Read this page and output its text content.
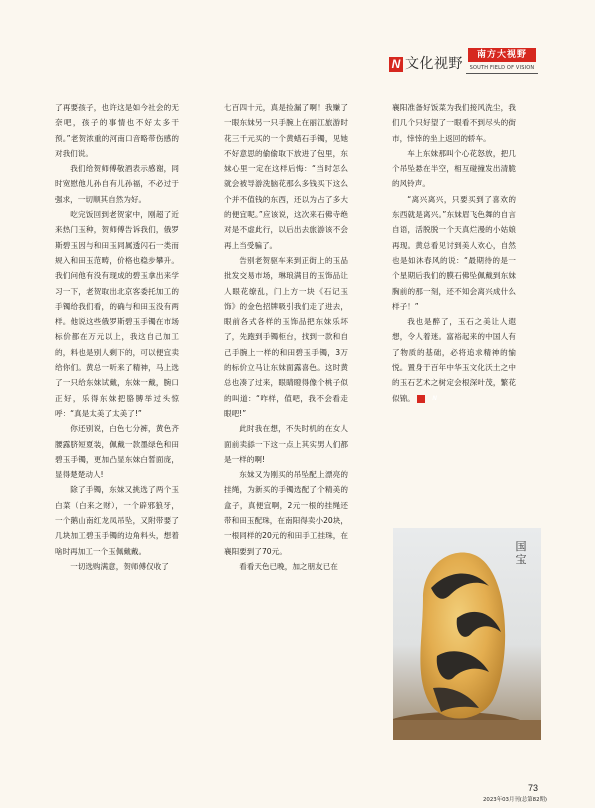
N 文化视野
南方大视野
SOUTH FIELD OF VISION

了再要孩子，也许这是如今社会的无奈吧，孩子的事情也不好太多干预。”老贺浓重的河南口音略带伤感的对我们说。

我们给贺师傅敬酒表示感谢，同时宽慰他儿孙自有儿孙福，不必过于强求，一切顺其自然为好。

吃完饭回到老贺家中，刚超了近来热门玉种，贺师傅告诉我们，俄罗斯碧玉因与和田玉同属透闪石一类而规入和田玉范畴，价格也稳步攀升。我们问他有没有现成的碧玉拿出来学习一下，老贺取出北京客委托加工的手镯给我们看，的确与和田玉没有两样。他说这些俄罗斯碧玉手镯在市场标价都在万元以上，我这自己加工的，料也是别人剩下的，可以便宜卖给你们。黄总一听来了精神，马上选了一只给东妹试戴，东妹一戴，腕口正好，乐得东妹把胳膊举过头惊呼：“真是太美了太美了!”

你还别说，白色七分裤，黄色齐腰露脐短夏装，佩戴一款墨绿色和田碧玉手镯，更加凸显东妹白皙面庞，显得楚楚动人!

除了手镯，东妹又挑选了两个玉白菜（白来之财），一个辟邪狼牙，一个鹅山南红龙凤吊坠，又附带要了几块加工碧玉手镯的边角料头，想着啥时再加工一个玉佩戴戴。

一切选购满意，贺师傅仅收了

七百四十元，真是捡漏了啊！我赚了一眼东妹另一只手腕上在丽江旅游时花三千元买的一个黄蜡石手镯，见她不好意思的偷偷取下放进了包里，东妹心里一定在这样后悔：“当时怎么就会被导游洗脑花那么多钱买下这么个并不值钱的东西，还以为占了多大的便宜呢。”应该说，这次来石佛寺绝对是不虚此行，以后出去旅游该不会再上当受骗了。

告别老贺驱车来到正街上的玉品批发交易市场，琳琅满目的玉饰品让人眼花缭乱，门上方一块《石记玉饰》的金色招牌吸引我们走了进去，眼前各式各样的玉饰品把东妹乐坏了，先跑到手镯柜台，找到一款和自己手腕上一样的和田碧玉手镯，3万的标价立马让东妹面露喜色。这时黄总也凑了过来，眼睛瞪得像个桃子似的叫道：“咋样，值吧，我不会看走眼吧!”

此时我在想，不失时机的在女人面前卖舔一下这一点上其实男人们都是一样的啊!

东妹又为刚买的吊坠配上漂亮的挂绳，为新买的手镯选配了个精美的盒子，真便宜啊，2元一根的挂绳还带和田玉配珠，在南阳得卖小20块，一根同样的20元的和田手工挂珠，在襄阳要到了70元。

看看天色已晚，加之朋友已在

襄阳准备好饭菜为我们接风洗尘，我们几个只好望了一眼看不到尽头的街市，悻悻的坐上返回的轿车。

车上东妹那叫个心花怒放，把几个吊坠悬在半空，相互碰撞发出清脆的风铃声。

“离兴离兴，只要买到了喜欢的东西就是离兴。”东妹眉飞色舞的自言自语，活脱脱一个天真烂漫的小姑娘再现。黄总看见讨到美人欢心，自然也是如沐春风的说：“最期待的是一个星期后我们的膜石佛坠佩戴到东妹胸前的那一刻，还不知会离兴成什么样子！”

我也是醉了，玉石之美让人遐想，令人着迷。富裕起来的中国人有了物质的基础，必将追求精神的愉悦。置身于百年中华玉文化沃土之中的玉石艺术之树定会根深叶茂，繁花似锦。	N

国宝
73
2023年03月刊(总第82期)
